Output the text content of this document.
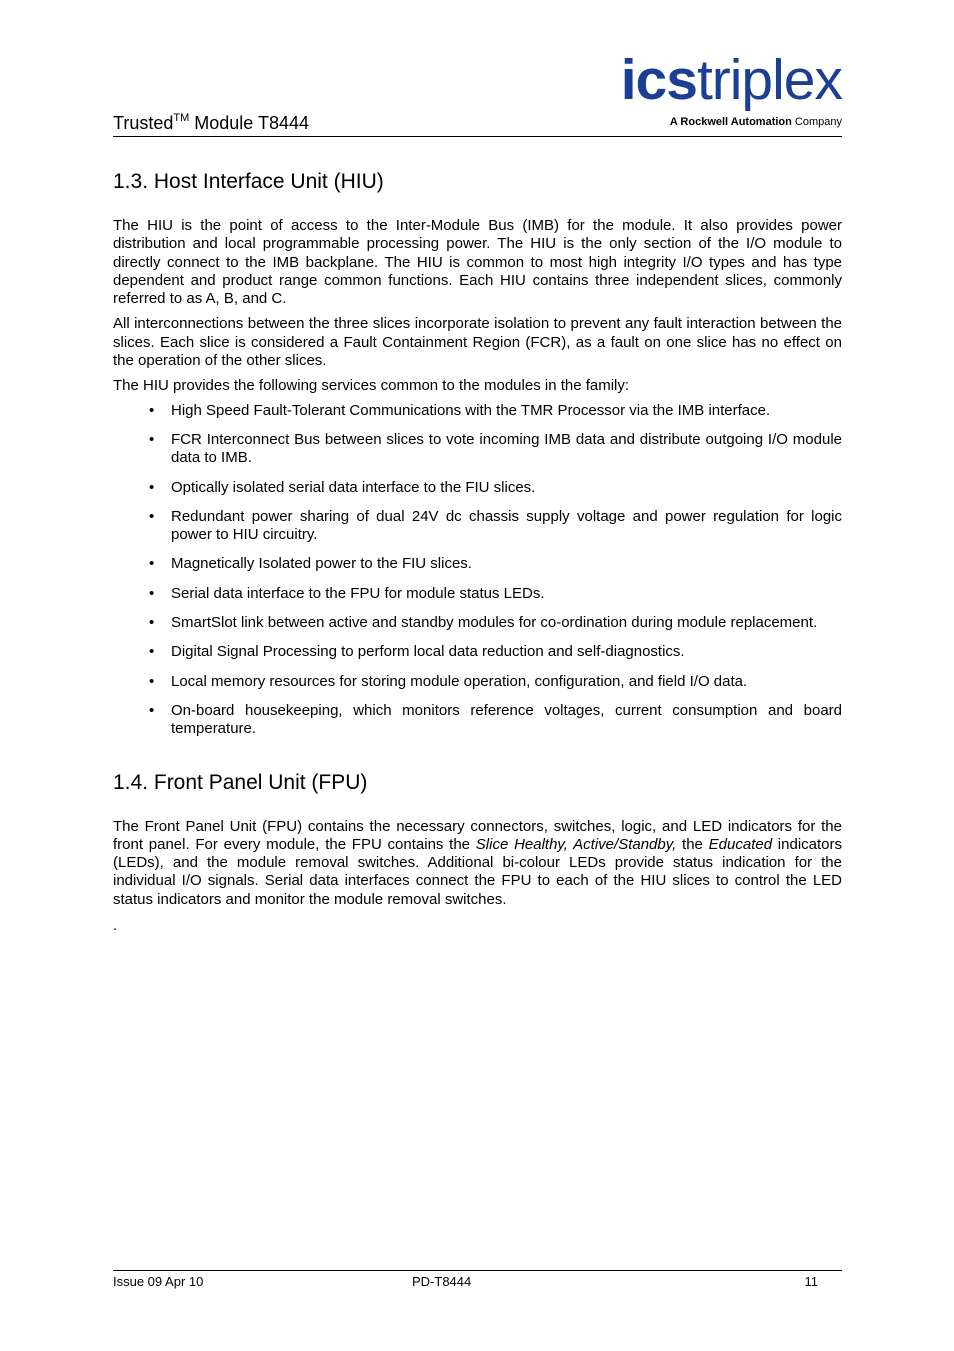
Trusted™ Module T8444
icstriplex
A Rockwell Automation Company
1.3. Host Interface Unit (HIU)

The HIU is the point of access to the Inter-Module Bus (IMB) for the module. It also provides power distribution and local programmable processing power. The HIU is the only section of the I/O module to directly connect to the IMB backplane. The HIU is common to most high integrity I/O types and has type dependent and product range common functions. Each HIU contains three independent slices, commonly referred to as A, B, and C.

All interconnections between the three slices incorporate isolation to prevent any fault interaction between the slices. Each slice is considered a Fault Containment Region (FCR), as a fault on one slice has no effect on the operation of the other slices.

The HIU provides the following services common to the modules in the family:

• High Speed Fault-Tolerant Communications with the TMR Processor via the IMB interface.
• FCR Interconnect Bus between slices to vote incoming IMB data and distribute outgoing I/O module data to IMB.
• Optically isolated serial data interface to the FIU slices.
• Redundant power sharing of dual 24V dc chassis supply voltage and power regulation for logic power to HIU circuitry.
• Magnetically Isolated power to the FIU slices.
• Serial data interface to the FPU for module status LEDs.
• SmartSlot link between active and standby modules for co-ordination during module replacement.
• Digital Signal Processing to perform local data reduction and self-diagnostics.
• Local memory resources for storing module operation, configuration, and field I/O data.
• On-board housekeeping, which monitors reference voltages, current consumption and board temperature.
1.4. Front Panel Unit (FPU)

The Front Panel Unit (FPU) contains the necessary connectors, switches, logic, and LED indicators for the front panel. For every module, the FPU contains the Slice Healthy, Active/Standby, the Educated indicators (LEDs), and the module removal switches. Additional bi-colour LEDs provide status indication for the individual I/O signals. Serial data interfaces connect the FPU to each of the HIU slices to control the LED status indicators and monitor the module removal switches.

.
Issue 09 Apr 10	PD-T8444	11
